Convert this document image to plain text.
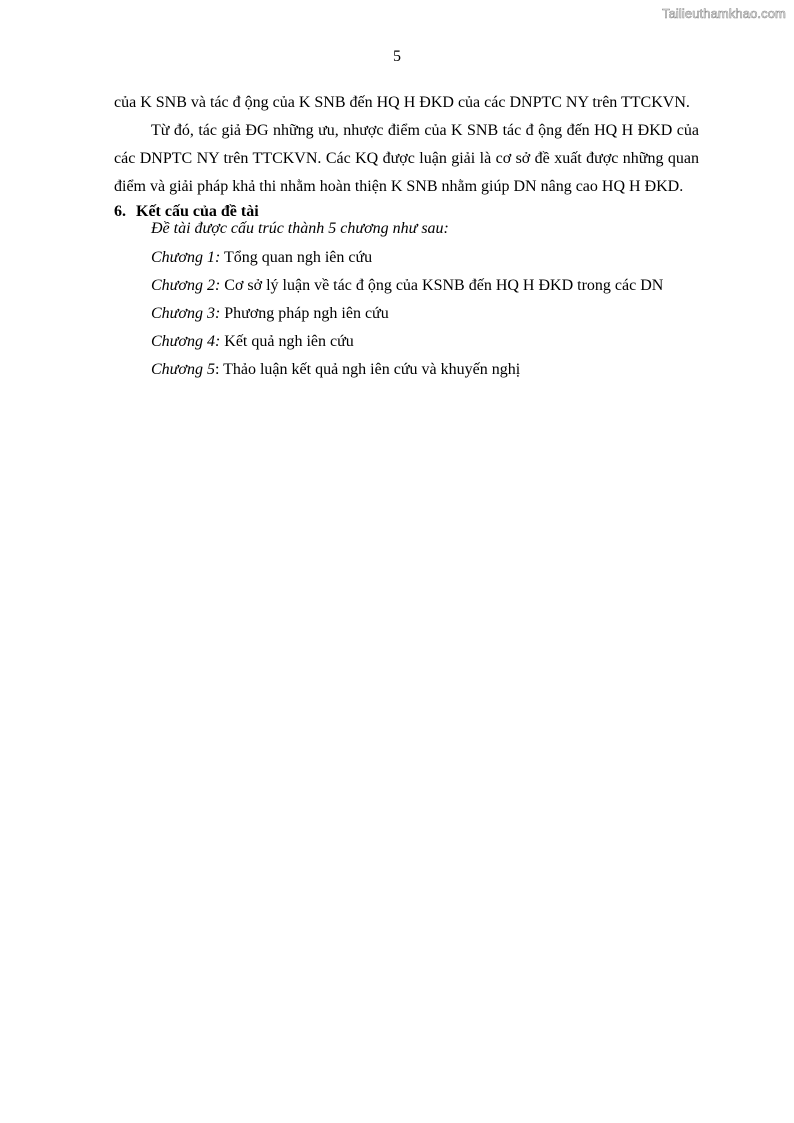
Tailieuthamkhao.com
5

của K SNB và tác đ ộng của K SNB đến HQ H ĐKD của các DNPTC NY trên TTCKVN.

Từ đó, tác giả ĐG những ưu, nhược điểm của K SNB tác đ ộng đến HQ H ĐKD của các DNPTC NY trên TTCKVN. Các KQ được luận giải là cơ sở đề xuất được những quan điểm và giải pháp khả thi nhằm hoàn thiện K SNB nhằm giúp DN nâng cao HQ H ĐKD.

6. Kết cấu của đề tài

Đề tài được cấu trúc thành 5 chương như sau:

Chương 1: Tổng quan ngh iên cứu

Chương 2: Cơ sở lý luận về tác đ ộng của KSNB đến HQ H ĐKD trong các DN

Chương 3: Phương pháp ngh iên cứu

Chương 4: Kết quả ngh iên cứu

Chương 5: Thảo luận kết quả ngh iên cứu và khuyến nghị
